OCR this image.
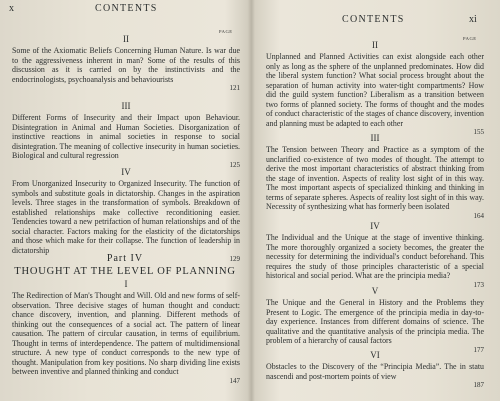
x	CONTENTS
PAGE
II
Some of the Axiomatic Beliefs Concerning Human Nature. Is war due to the aggressiveness inherent in man? Some of the results of this discussion as it is carried on by the instinctivists and the endocrinologists, psychoanalysis and behaviourists
121
III
Different Forms of Insecurity and their Impact upon Behaviour. Disintegration in Animal and Human Societies. Disorganization of instinctive reactions in animal societies in response to social disintegration. The meaning of collective insecurity in human societies. Biological and cultural regression
125
IV
From Unorganized Insecurity to Organized Insecurity. The function of symbols and substitute goals in dictatorship. Changes in the aspiration levels. Three stages in the transformation of symbols. Breakdown of established relationships make collective reconditioning easier. Tendencies toward a new petrifaction of human relationships and of the social character. Factors making for the elasticity of the dictatorships and those which make for their collapse. The function of leadership in dictatorship
129
Part IV
THOUGHT AT THE LEVEL OF PLANNING
I
The Redirection of Man's Thought and Will. Old and new forms of self-observation. Three decisive stages of human thought and conduct: chance discovery, invention, and planning. Different methods of thinking out the consequences of a social act. The pattern of linear causation. The pattern of circular causation, in terms of equilibrium. Thought in terms of interdependence. The pattern of multidimensional structure. A new type of conduct corresponds to the new type of thought. Manipulation from key positions. No sharp dividing line exists between inventive and planned thinking and conduct
147
CONTENTS	xi
PAGE
II
Unplanned and Planned Activities can exist alongside each other only as long as the sphere of the unplanned predominates. How did the liberal system function? What social process brought about the separation of human activity into water-tight compartments? How did the guild system function? Liberalism as a transition between two forms of planned society. The forms of thought and the modes of conduct characteristic of the stages of chance discovery, invention and planning must be adapted to each other
155
III
The Tension between Theory and Practice as a symptom of the unclarified co-existence of two modes of thought. The attempt to derive the most important characteristics of abstract thinking from the stage of invention. Aspects of reality lost sight of in this way. The most important aspects of specialized thinking and thinking in terms of separate spheres. Aspects of reality lost sight of in this way. Necessity of synthesizing what has formerly been isolated
164
IV
The Individual and the Unique at the stage of inventive thinking. The more thoroughly organized a society becomes, the greater the necessity for determining the individual's conduct beforehand. This requires the study of those principles characteristic of a special historical and social period. What are the principia media?
173
V
The Unique and the General in History and the Problems they Present to Logic. The emergence of the principia media in day-to-day experience. Instances from different domains of science. The qualitative and the quantitative analysis of the principia media. The problem of a hierarchy of causal factors
177
VI
Obstacles to the Discovery of the “Principia Media”. The in statu nascendi and post-mortem points of view
187
